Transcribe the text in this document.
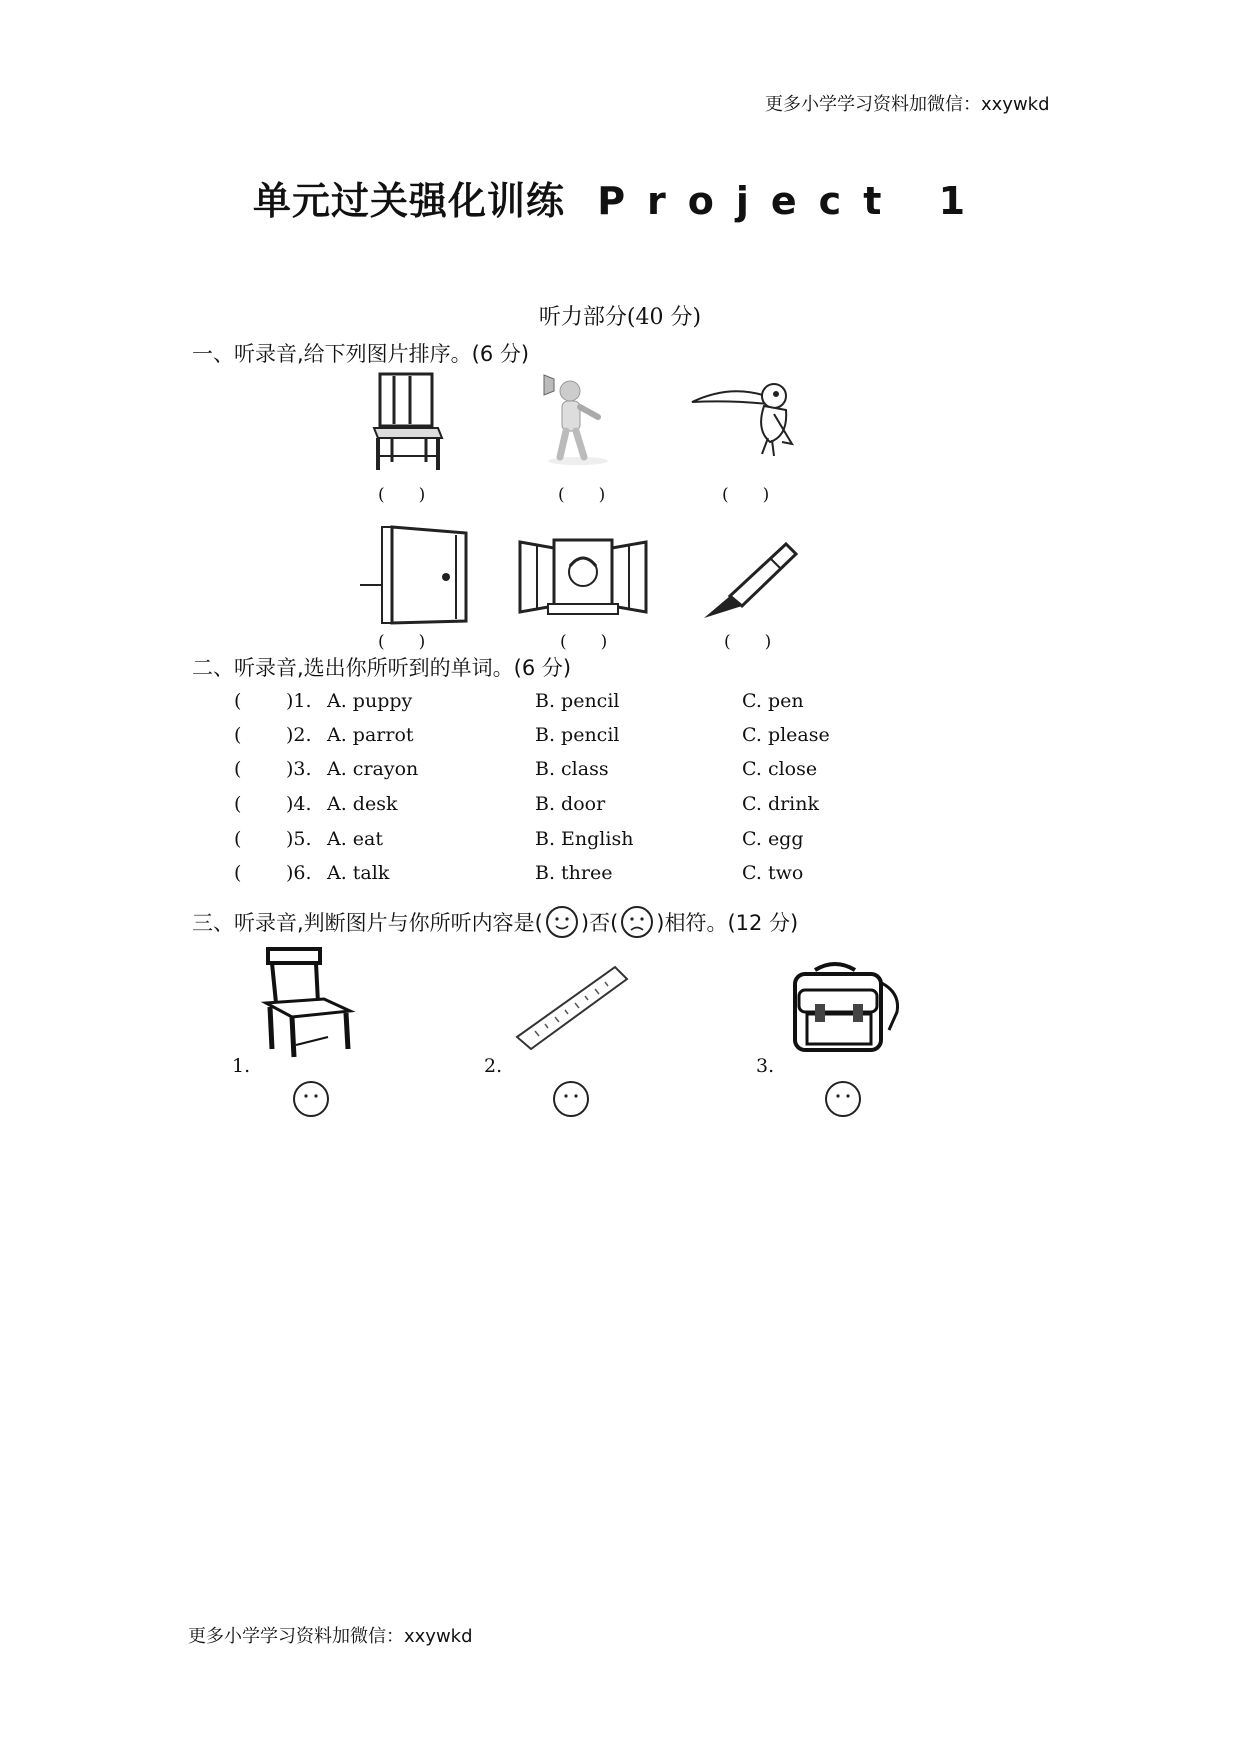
更多小学学习资料加微信：xxywkd
单元过关强化训练 Project 1
听力部分(40 分)
一、听录音,给下列图片排序。(6 分)
(　　)	(　　)	(　　)
(　　)	(　　)	(　　)
二、听录音,选出你所听到的单词。(6 分)
( )1. A. puppy	B. pencil	C. pen
( )2. A. parrot	B. pencil	C. please
( )3. A. crayon	B. class	C. close
( )4. A. desk	B. door	C. drink
( )5. A. eat	B. English	C. egg
( )6. A. talk	B. three	C. two
三、听录音,判断图片与你所听内容是( )否( )相符。(12 分)
1.	2.	3.
更多小学学习资料加微信：xxywkd
